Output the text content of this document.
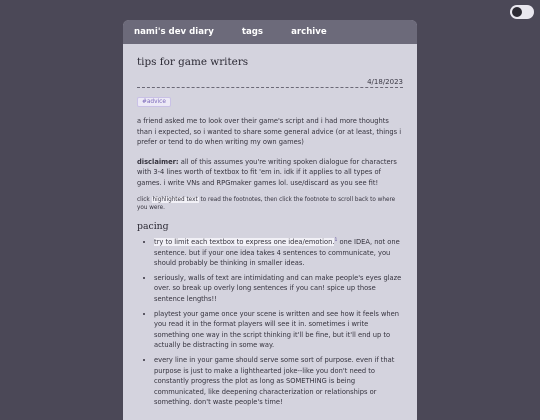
nami's dev diary	tags	archive
tips for game writers
4/18/2023
#advice

a friend asked me to look over their game's script and i had more thoughts than i expected, so i wanted to share some general advice (or at least, things i prefer or tend to do when writing my own games)

disclaimer: all of this assumes you're writing spoken dialogue for characters with 3-4 lines worth of textbox to fit 'em in. idk if it applies to all types of games. i write VNs and RPGmaker games lol. use/discard as you see fit!

click highlighted text to read the footnotes, then click the footnote to scroll back to where you were.

pacing
• try to limit each textbox to express one idea/emotion.$^1$ one IDEA, not one sentence. but if your one idea takes 4 sentences to communicate, you should probably be thinking in smaller ideas.
• seriously, walls of text are intimidating and can make people's eyes glaze over. so break up overly long sentences if you can! spice up those sentence lengths!!
• playtest your game once your scene is written and see how it feels when you read it in the format players will see it in. sometimes i write something one way in the script thinking it'll be fine, but it'll end up to actually be distracting in some way.
• every line in your game should serve some sort of purpose. even if that purpose is just to make a lighthearted joke--like you don't need to constantly progress the plot as long as SOMETHING is being communicated, like deepening characterization or relationships or something. don't waste people's time!
